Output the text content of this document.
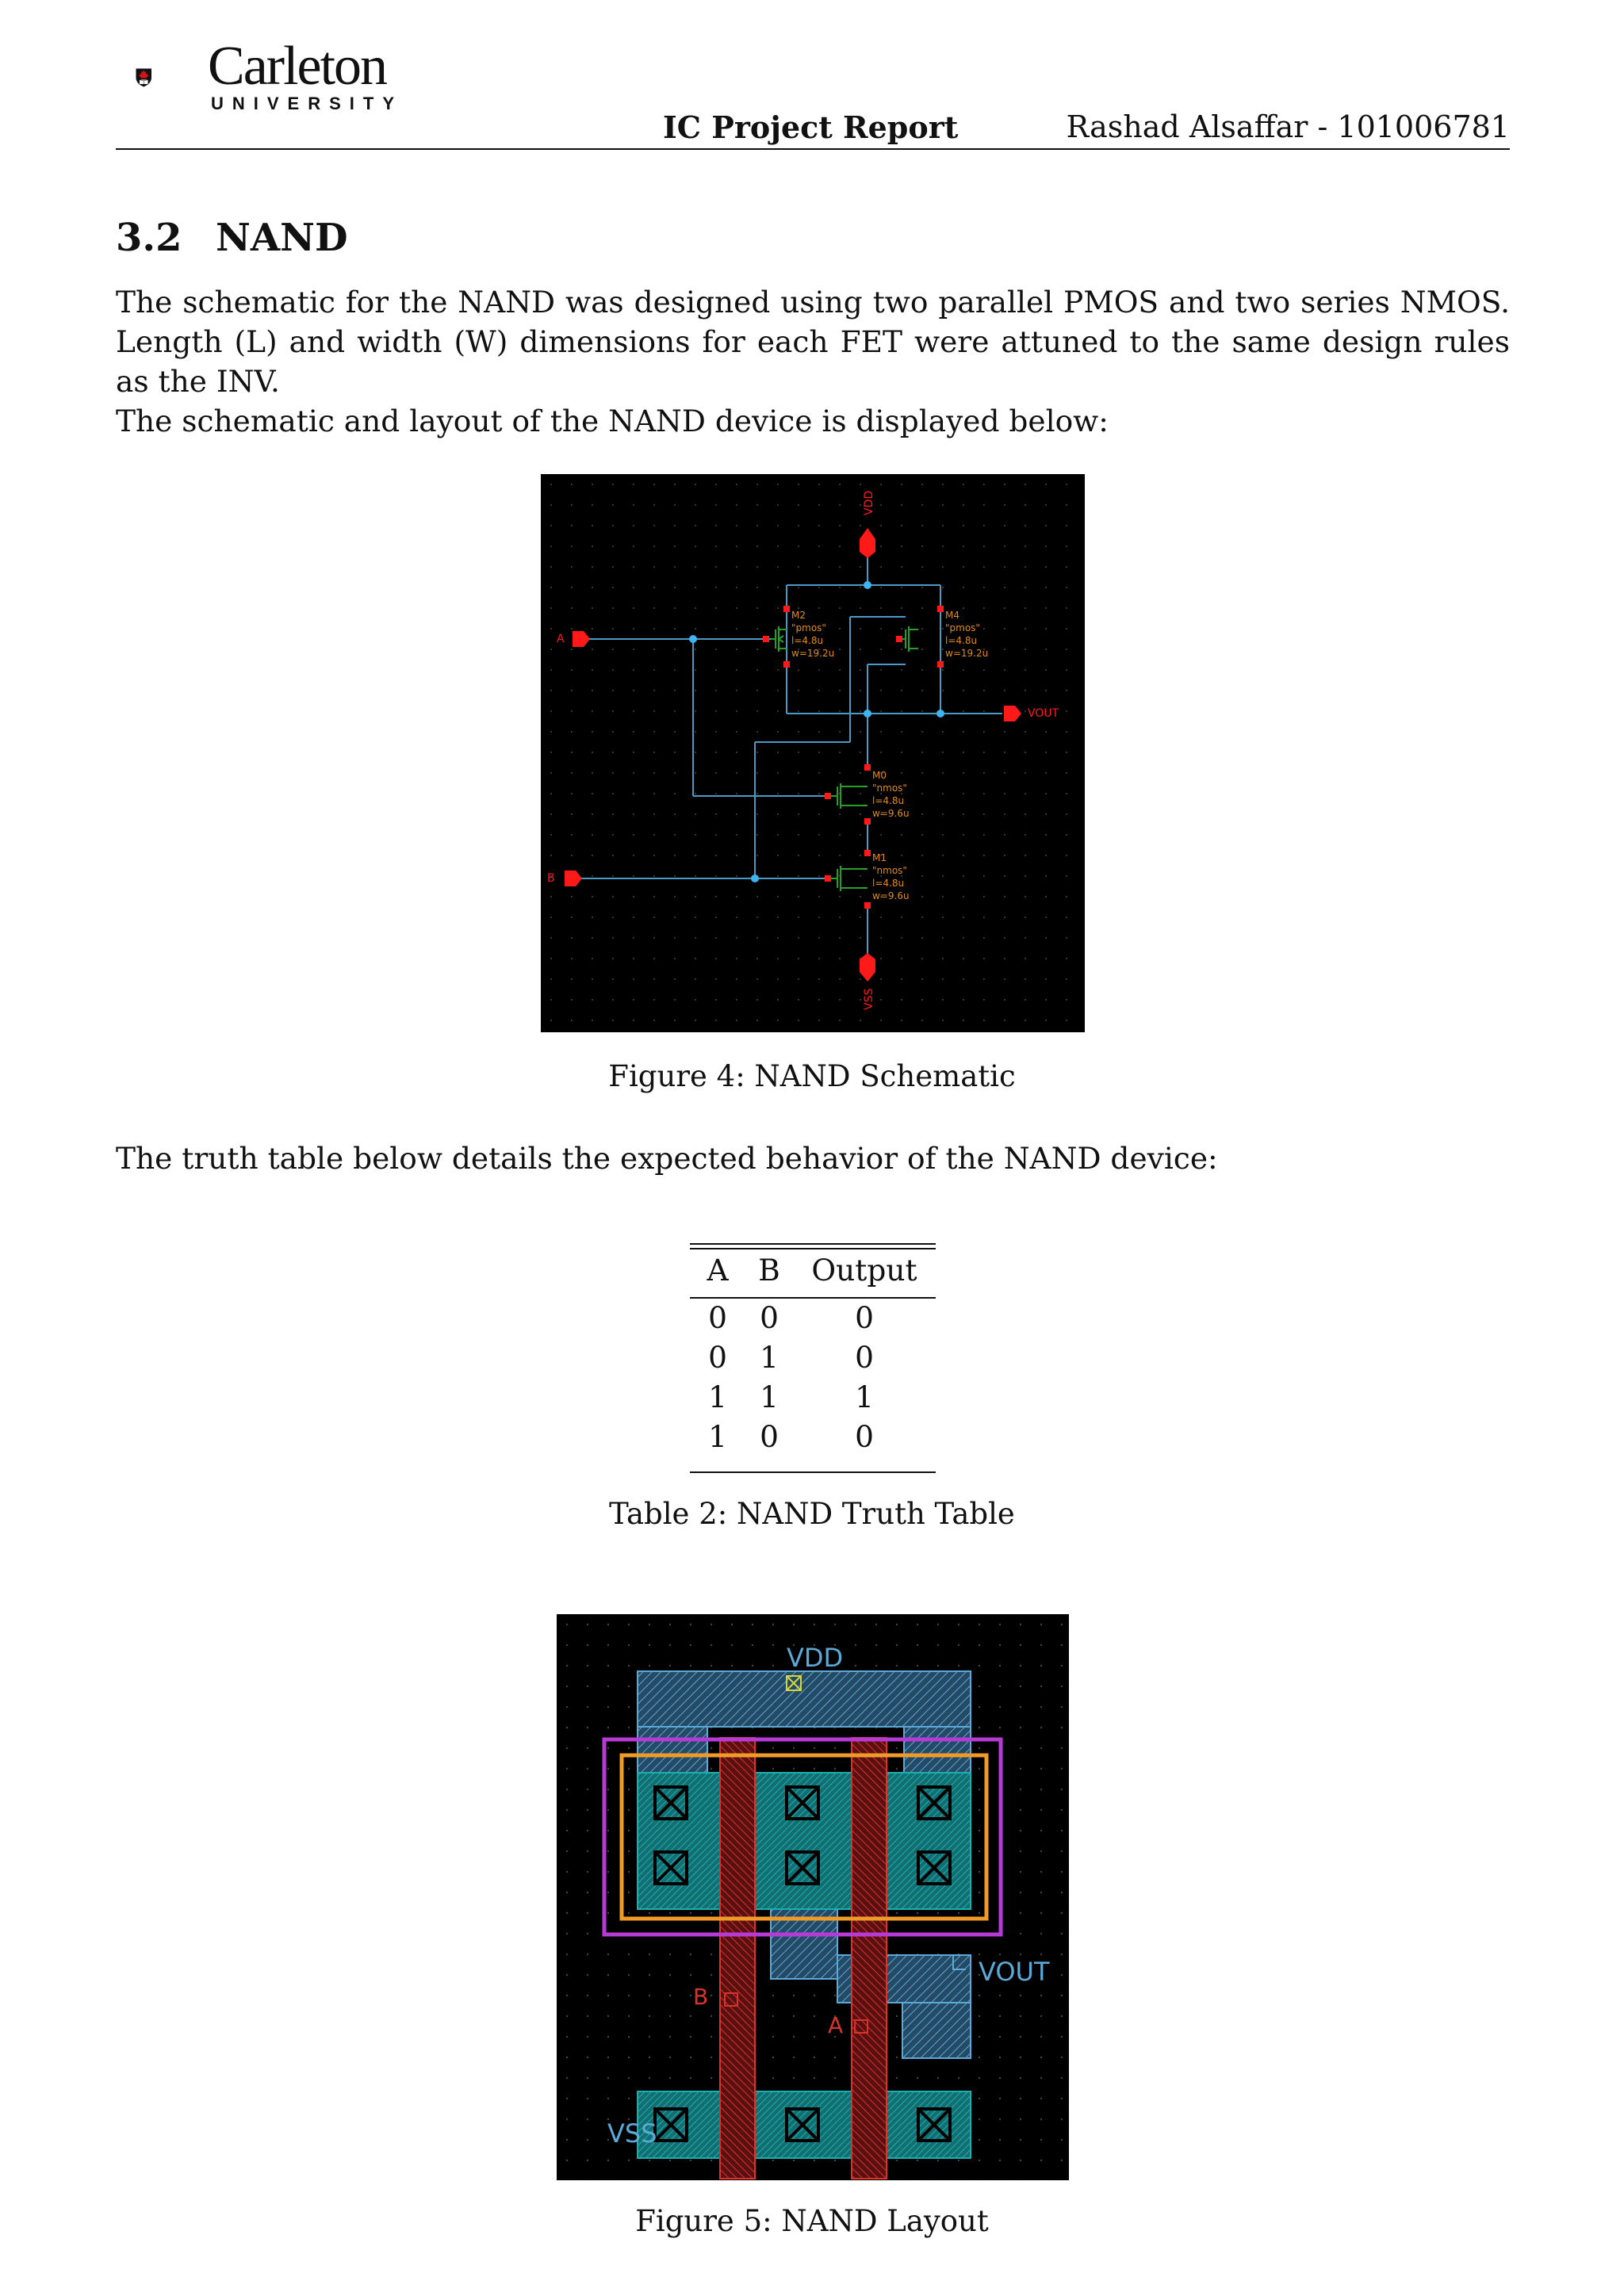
Carleton
UNIVERSITY
IC Project Report	Rashad Alsaffar - 101006781
3.2 NAND
The schematic for the NAND was designed using two parallel PMOS and two series NMOS. Length (L) and width (W) dimensions for each FET were attuned to the same design rules as the INV.
The schematic and layout of the NAND device is displayed below:
VDD
VSS
A
B
VOUT
M2
"pmos"
l=4.8u
w=19.2u
M4
"pmos"
l=4.8u
w=19.2u
M0
"nmos"
l=4.8u
w=9.6u
M1
"nmos"
l=4.8u
w=9.6u
Figure 4: NAND Schematic
The truth table below details the expected behavior of the NAND device:
A	B	Output
0	0	0
0	1	0
1	1	1
1	0	0
Table 2: NAND Truth Table
VDD
VOUT
VSS
B
A
Figure 5: NAND Layout
